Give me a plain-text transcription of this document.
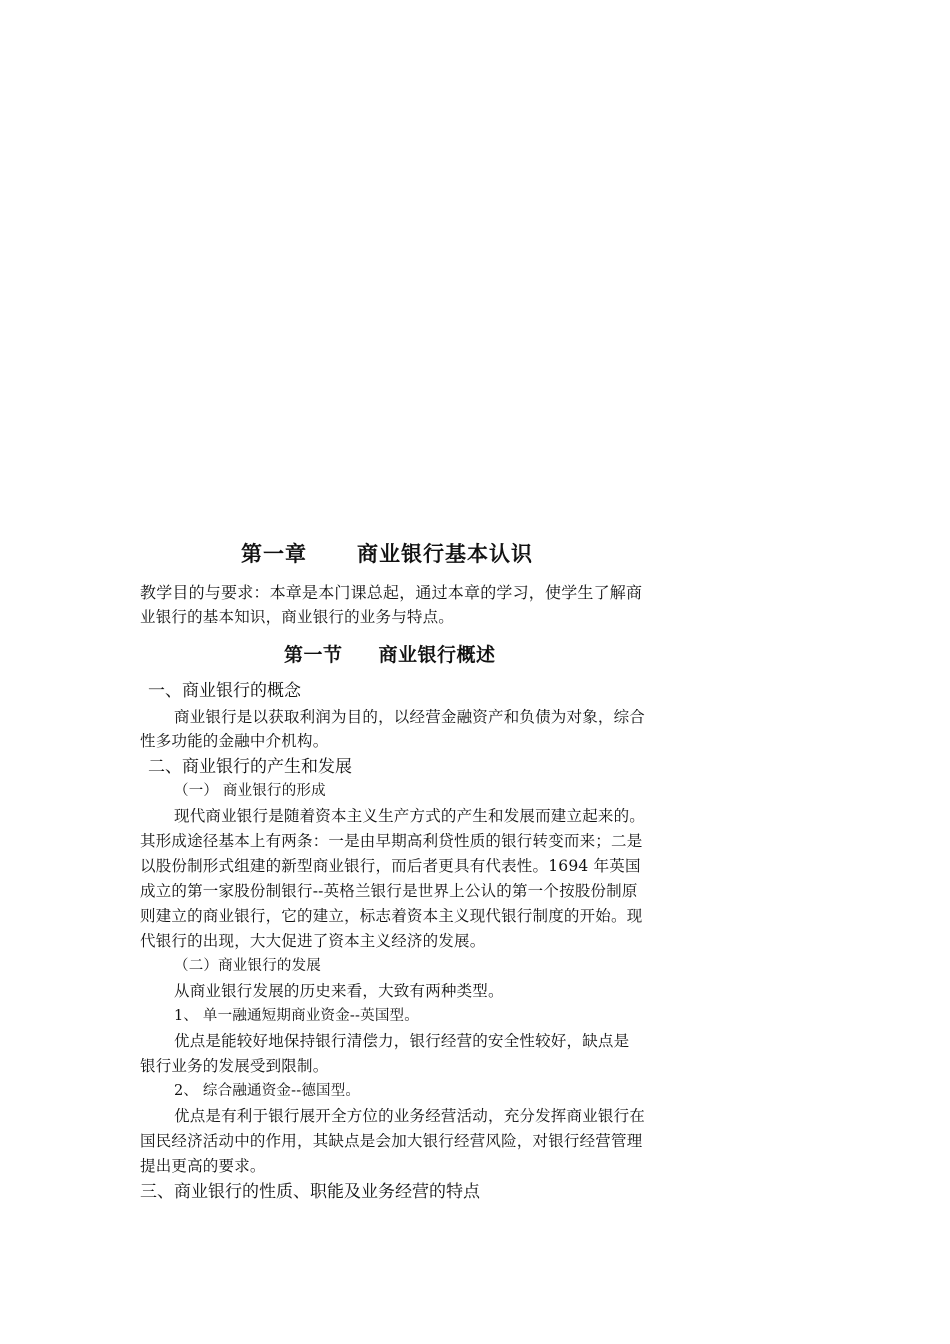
第一章 商业银行基本认识
教学目的与要求：本章是本门课总起，通过本章的学习，使学生了解商
业银行的基本知识，商业银行的业务与特点。
第一节 商业银行概述
一、商业银行的概念
商业银行是以获取利润为目的，以经营金融资产和负债为对象，综合
性多功能的金融中介机构。
二、商业银行的产生和发展
（一） 商业银行的形成
现代商业银行是随着资本主义生产方式的产生和发展而建立起来的。
其形成途径基本上有两条：一是由早期高利贷性质的银行转变而来；二是
以股份制形式组建的新型商业银行，而后者更具有代表性。1694 年英国
成立的第一家股份制银行--英格兰银行是世界上公认的第一个按股份制原
则建立的商业银行，它的建立，标志着资本主义现代银行制度的开始。现
代银行的出现，大大促进了资本主义经济的发展。
（二）商业银行的发展
从商业银行发展的历史来看，大致有两种类型。
1、 单一融通短期商业资金--英国型。
优点是能较好地保持银行清偿力，银行经营的安全性较好，缺点是
银行业务的发展受到限制。
2、 综合融通资金--德国型。
优点是有利于银行展开全方位的业务经营活动，充分发挥商业银行在
国民经济活动中的作用，其缺点是会加大银行经营风险，对银行经营管理
提出更高的要求。
三、商业银行的性质、职能及业务经营的特点
